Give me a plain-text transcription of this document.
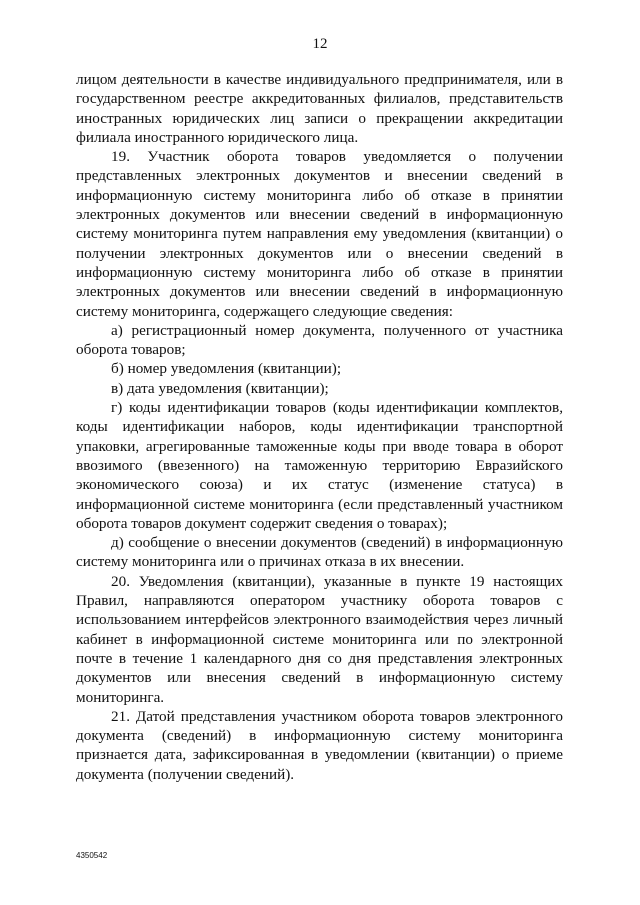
12

лицом деятельности в качестве индивидуального предпринимателя, или в государственном реестре аккредитованных филиалов, представительств иностранных юридических лиц записи о прекращении аккредитации филиала иностранного юридического лица.

19. Участник оборота товаров уведомляется о получении представленных электронных документов и внесении сведений в информационную систему мониторинга либо об отказе в принятии электронных документов или внесении сведений в информационную систему мониторинга путем направления ему уведомления (квитанции) о получении электронных документов или о внесении сведений в информационную систему мониторинга либо об отказе в принятии электронных документов или внесении сведений в информационную систему мониторинга, содержащего следующие сведения:

а) регистрационный номер документа, полученного от участника оборота товаров;

б) номер уведомления (квитанции);

в) дата уведомления (квитанции);

г) коды идентификации товаров (коды идентификации комплектов, коды идентификации наборов, коды идентификации транспортной упаковки, агрегированные таможенные коды при вводе товара в оборот ввозимого (ввезенного) на таможенную территорию Евразийского экономического союза) и их статус (изменение статуса) в информационной системе мониторинга (если представленный участником оборота товаров документ содержит сведения о товарах);

д) сообщение о внесении документов (сведений) в информационную систему мониторинга или о причинах отказа в их внесении.

20. Уведомления (квитанции), указанные в пункте 19 настоящих Правил, направляются оператором участнику оборота товаров с использованием интерфейсов электронного взаимодействия через личный кабинет в информационной системе мониторинга или по электронной почте в течение 1 календарного дня со дня представления электронных документов или внесения сведений в информационную систему мониторинга.

21. Датой представления участником оборота товаров электронного документа (сведений) в информационную систему мониторинга признается дата, зафиксированная в уведомлении (квитанции) о приеме документа (получении сведений).

4350542
